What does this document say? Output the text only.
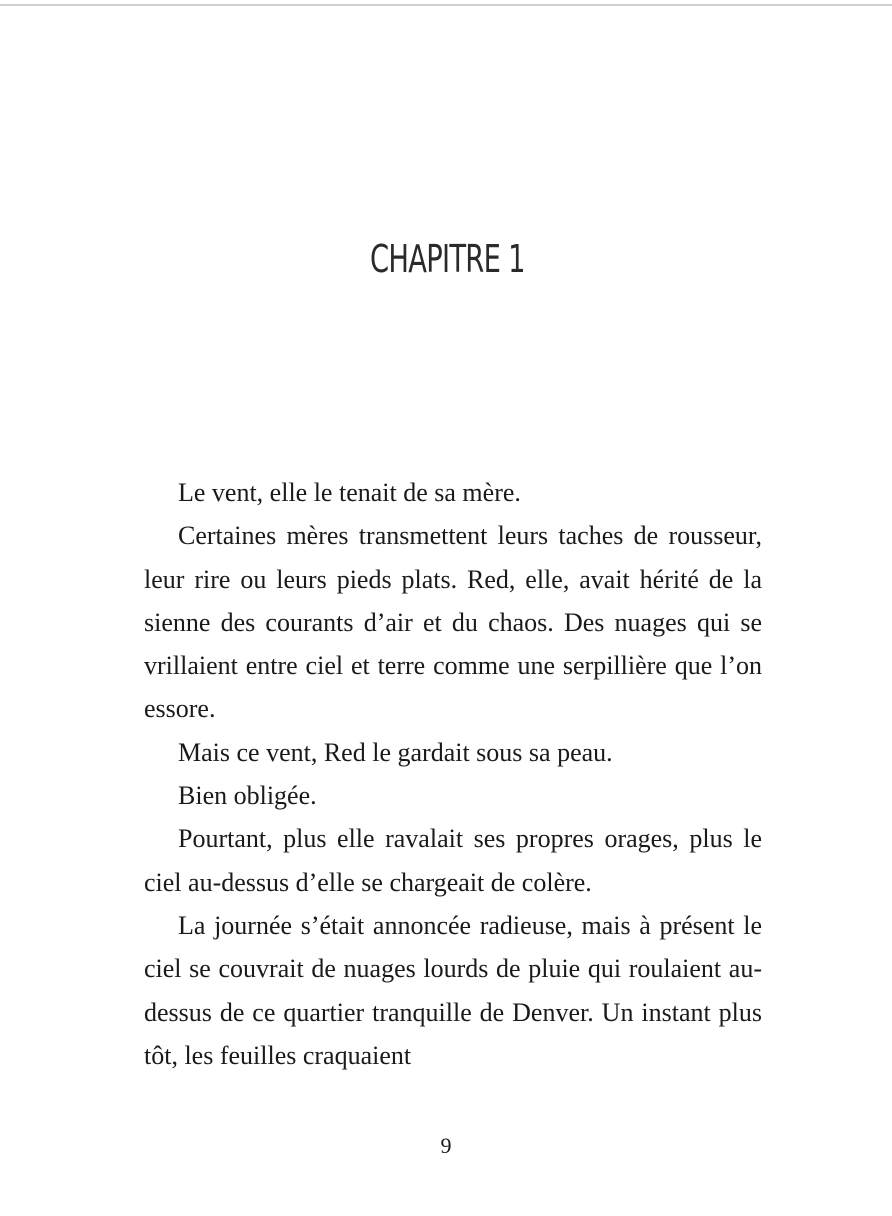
CHAPITRE 1

Le vent, elle le tenait de sa mère.

Certaines mères transmettent leurs taches de rousseur, leur rire ou leurs pieds plats. Red, elle, avait hérité de la sienne des courants d’air et du chaos. Des nuages qui se vrillaient entre ciel et terre comme une serpillière que l’on essore.

Mais ce vent, Red le gardait sous sa peau.

Bien obligée.

Pourtant, plus elle ravalait ses propres orages, plus le ciel au-dessus d’elle se chargeait de colère.

La journée s’était annoncée radieuse, mais à présent le ciel se couvrait de nuages lourds de pluie qui roulaient au-dessus de ce quartier tranquille de Denver. Un instant plus tôt, les feuilles craquaient

9
